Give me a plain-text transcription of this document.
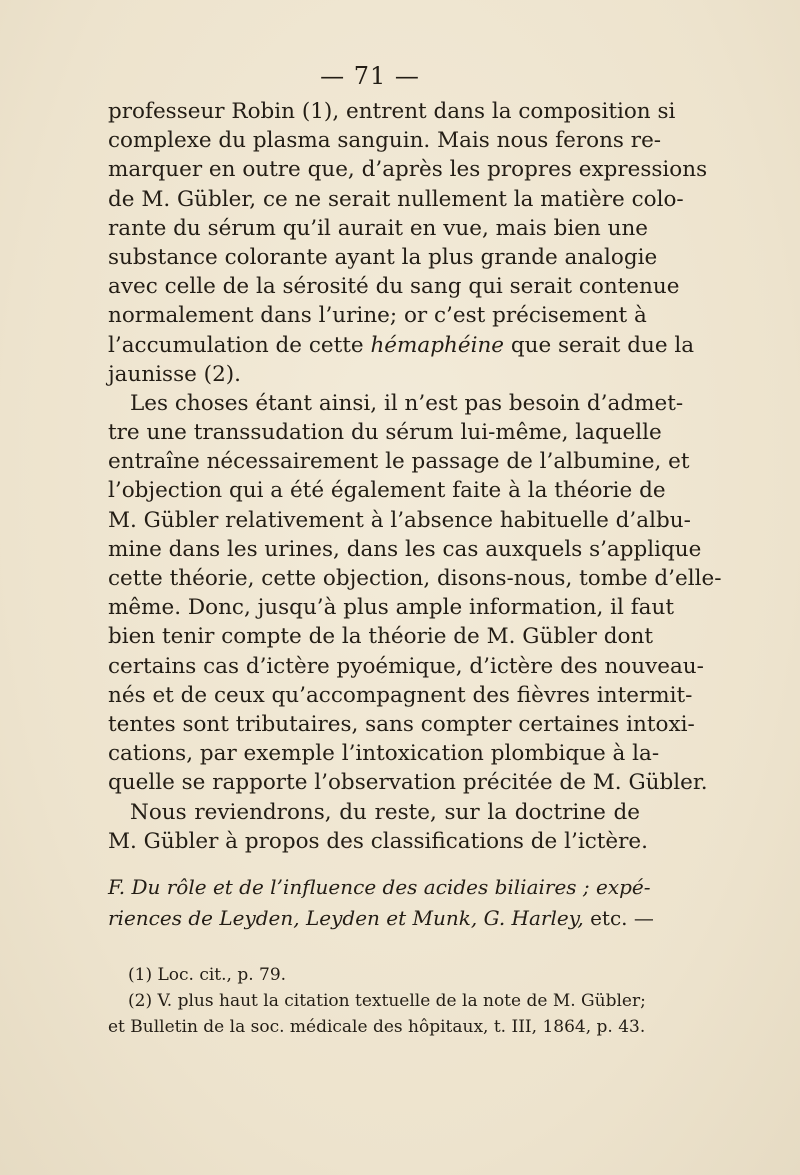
— 71 —
professeur Robin (1), entrent dans la composition si
complexe du plasma sanguin. Mais nous ferons re-
marquer en outre que, d’après les propres expressions
de M. Gübler, ce ne serait nullement la matière colo-
rante du sérum qu’il aurait en vue, mais bien une
substance colorante ayant la plus grande analogie
avec celle de la sérosité du sang qui serait contenue
normalement dans l’urine; or c’est précisement à
l’accumulation de cette hémaphéine que serait due la
jaunisse (2).
Les choses étant ainsi, il n’est pas besoin d’admet-
tre une transsudation du sérum lui-même, laquelle
entraîne nécessairement le passage de l’albumine, et
l’objection qui a été également faite à la théorie de
M. Gübler relativement à l’absence habituelle d’albu-
mine dans les urines, dans les cas auxquels s’applique
cette théorie, cette objection, disons-nous, tombe d’elle-
même. Donc, jusqu’à plus ample information, il faut
bien tenir compte de la théorie de M. Gübler dont
certains cas d’ictère pyoémique, d’ictère des nouveau-
nés et de ceux qu’accompagnent des fièvres intermit-
tentes sont tributaires, sans compter certaines intoxi-
cations, par exemple l’intoxication plombique à la-
quelle se rapporte l’observation précitée de M. Gübler.
Nous reviendrons, du reste, sur la doctrine de
M. Gübler à propos des classifications de l’ictère.
F. Du rôle et de l’influence des acides biliaires ; expé-
riences de Leyden, Leyden et Munk, G. Harley, etc. —
(1) Loc. cit., p. 79.
(2) V. plus haut la citation textuelle de la note de M. Gübler;
et Bulletin de la soc. médicale des hôpitaux, t. III, 1864, p. 43.
